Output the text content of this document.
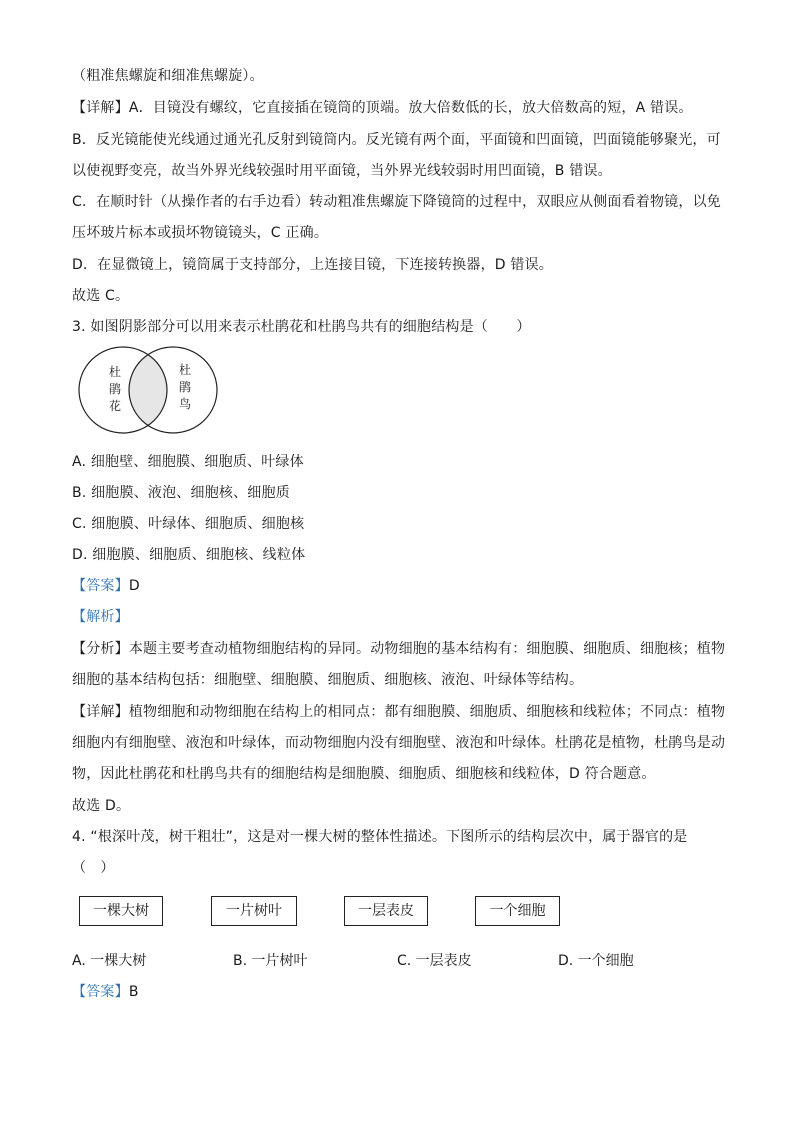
（粗准焦螺旋和细准焦螺旋）。
【详解】A．目镜没有螺纹，它直接插在镜筒的顶端。放大倍数低的长，放大倍数高的短，A 错误。
B．反光镜能使光线通过通光孔反射到镜筒内。反光镜有两个面，平面镜和凹面镜，凹面镜能够聚光，可
以使视野变亮，故当外界光线较强时用平面镜，当外界光线较弱时用凹面镜，B 错误。
C．在顺时针（从操作者的右手边看）转动粗准焦螺旋下降镜筒的过程中，双眼应从侧面看着物镜，以免
压坏玻片标本或损坏物镜镜头，C 正确。
D．在显微镜上，镜筒属于支持部分，上连接目镜，下连接转换器，D 错误。
故选 C。
3. 如图阴影部分可以用来表示杜鹃花和杜鹃鸟共有的细胞结构是（　　）
杜
鹃
花
杜
鹃
鸟
A. 细胞壁、细胞膜、细胞质、叶绿体
B. 细胞膜、液泡、细胞核、细胞质
C. 细胞膜、叶绿体、细胞质、细胞核
D. 细胞膜、细胞质、细胞核、线粒体
【答案】D
【解析】
【分析】本题主要考查动植物细胞结构的异同。动物细胞的基本结构有：细胞膜、细胞质、细胞核；植物
细胞的基本结构包括：细胞壁、细胞膜、细胞质、细胞核、液泡、叶绿体等结构。
【详解】植物细胞和动物细胞在结构上的相同点：都有细胞膜、细胞质、细胞核和线粒体；不同点：植物
细胞内有细胞壁、液泡和叶绿体，而动物细胞内没有细胞壁、液泡和叶绿体。杜鹃花是植物，杜鹃鸟是动
物，因此杜鹃花和杜鹃鸟共有的细胞结构是细胞膜、细胞质、细胞核和线粒体，D 符合题意。
故选 D。
4. “根深叶茂，树干粗壮”，这是对一棵大树的整体性描述。下图所示的结构层次中，属于器官的是
（　）
一棵大树	一片树叶	一层表皮	一个细胞
A. 一棵大树	B. 一片树叶	C. 一层表皮	D. 一个细胞
【答案】B
